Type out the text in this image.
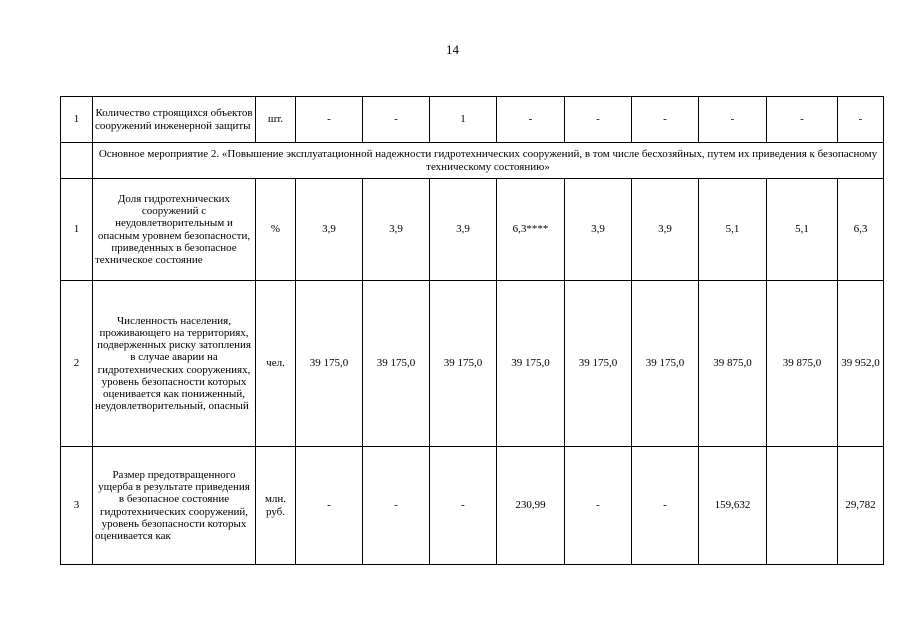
14
1	Количество строящихся объектов сооружений инженерной защиты	шт.	-	-	1	-	-	-	-	-	-
	Основное мероприятие 2. «Повышение эксплуатационной надежности гидротехнических сооружений, в том числе бесхозяйных, путем их приведения к безопасному техническому состоянию»										
1	Доля гидротехнических сооружений с неудовлетворительным и опасным уровнем безопасности, приведенных в безопасное техническое состояние	%	3,9	3,9	3,9	6,3****	3,9	3,9	5,1	5,1	6,3
2	Численность населения, проживающего на территориях, подверженных риску затопления в случае аварии на гидротехнических сооружениях, уровень безопасности которых оценивается как пониженный, неудовлетворительный, опасный	чел.	39 175,0	39 175,0	39 175,0	39 175,0	39 175,0	39 175,0	39 875,0	39 875,0	39 952,0
3	Размер предотвращенного ущерба в результате приведения в безопасное состояние гидротехнических сооружений, уровень безопасности которых оценивается как	млн. руб.	-	-	-	230,99	-	-	159,632		29,782
